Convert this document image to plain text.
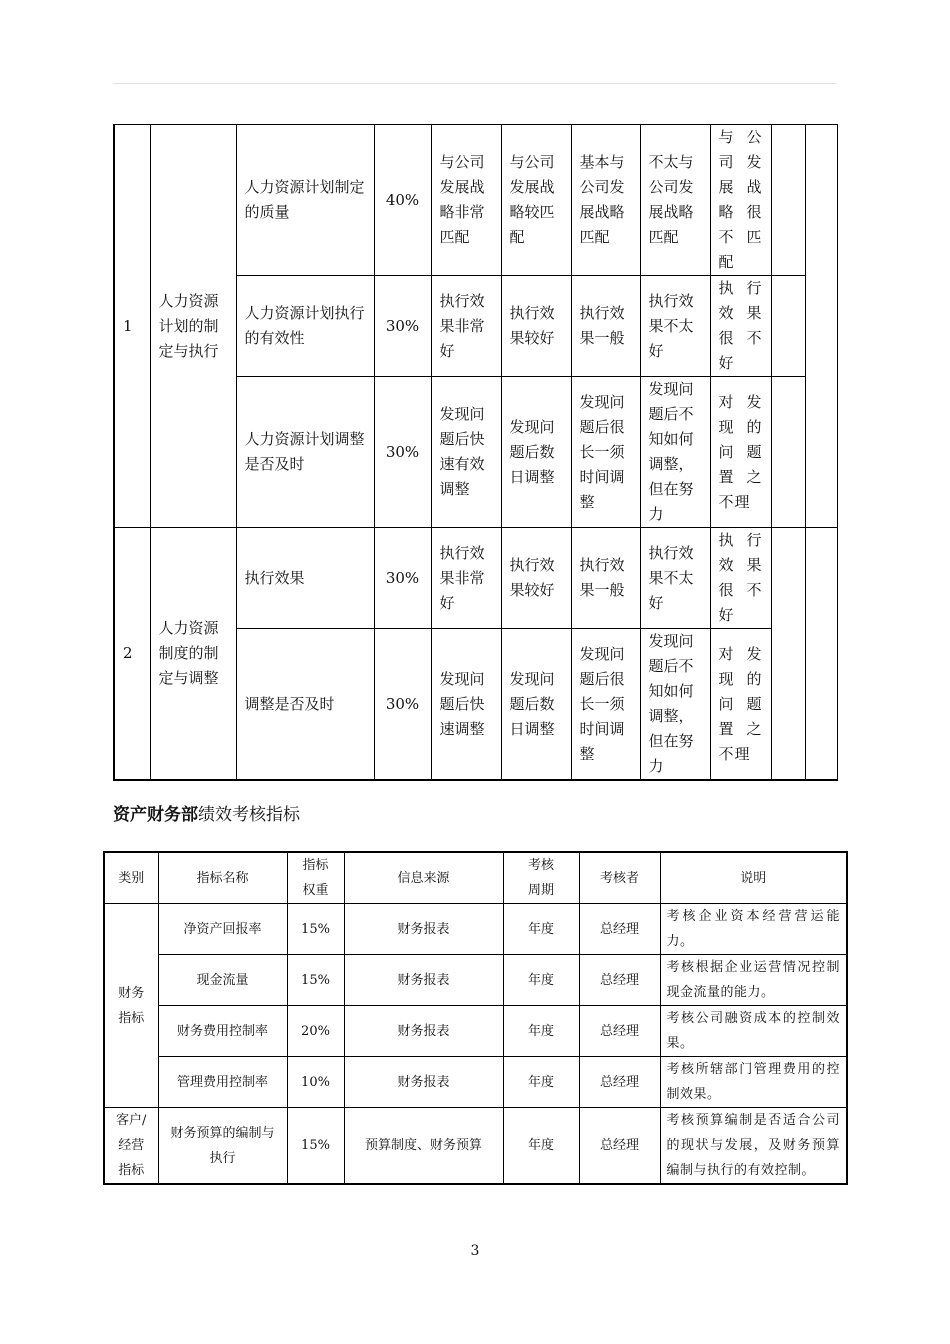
1	人力资源计划的制定与执行	人力资源计划制定的质量	40%	与公司发展战略非常匹配	与公司发展战略较匹配	基本与公司发展战略匹配	不太与公司发展战略匹配	与公司发展战略很不匹配		
		人力资源计划执行的有效性	30%	执行效果非常好	执行效果较好	执行效果一般	执行效果不太好	执行效果很不好		
		人力资源计划调整是否及时	30%	发现问题后快速有效调整	发现问题后数日调整	发现问题后很长一须时间调整	发现问题后不知如何调整，但在努力	对发现的问题置之不理		
2	人力资源制度的制定与调整	执行效果	30%	执行效果非常好	执行效果较好	执行效果一般	执行效果不太好	执行效果很不好		
		调整是否及时	30%	发现问题后快速调整	发现问题后数日调整	发现问题后很长一须时间调整	发现问题后不知如何调整，但在努力	对发现的问题置之不理		
资产财务部绩效考核指标
类别	指标名称	指标权重	信息来源	考核周期	考核者	说明
财务指标	净资产回报率	15%	财务报表	年度	总经理	考核企业资本经营营运能力。
	现金流量	15%	财务报表	年度	总经理	考核根据企业运营情况控制现金流量的能力。
	财务费用控制率	20%	财务报表	年度	总经理	考核公司融资成本的控制效果。
	管理费用控制率	10%	财务报表	年度	总经理	考核所辖部门管理费用的控制效果。
客户/经营指标	财务预算的编制与执行	15%	预算制度、财务预算	年度	总经理	考核预算编制是否适合公司的现状与发展，及财务预算编制与执行的有效控制。
3
